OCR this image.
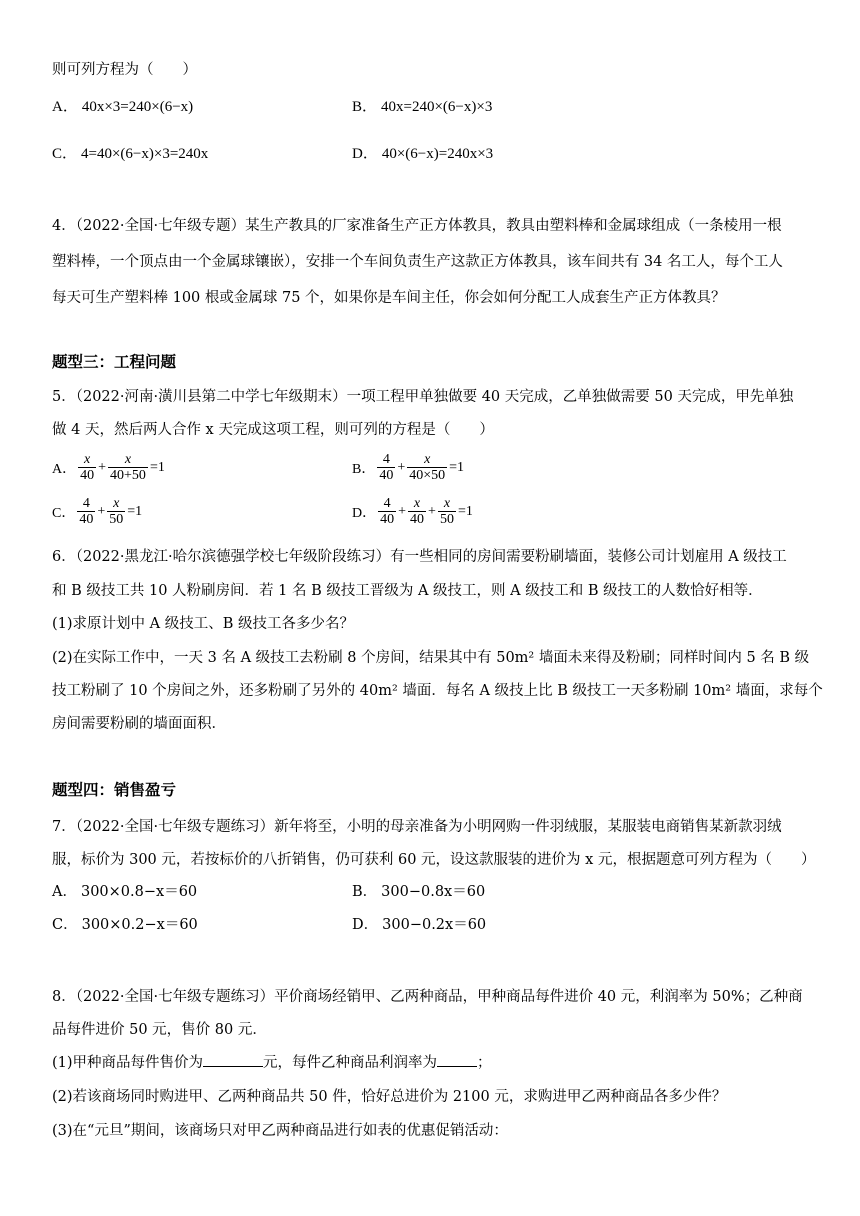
则可列方程为（　　）
A． 40x×3=240×(6−x)	B． 40x=240×(6−x)×3
C． 4=40×(6−x)×3=240x	D． 40×(6−x)=240x×3
4．（2022·全国·七年级专题）某生产教具的厂家准备生产正方体教具，教具由塑料棒和金属球组成（一条棱用一根
塑料棒，一个顶点由一个金属球镶嵌），安排一个车间负责生产这款正方体教具，该车间共有 34 名工人，每个工人
每天可生产塑料棒 100 根或金属球 75 个，如果你是车间主任，你会如何分配工人成套生产正方体教具？
题型三：工程问题
5．（2022·河南·潢川县第二中学七年级期末）一项工程甲单独做要 40 天完成，乙单独做需要 50 天完成，甲先单独
做 4 天，然后两人合作 x 天完成这项工程，则可列的方程是（　　）
A． $\frac{x}{40} + \frac{x}{40+50} =1$	B． $\frac{4}{40} + \frac{x}{40\times 50} =1$
C． $\frac{4}{40} + \frac{x}{50} =1$	D． $\frac{4}{40} + \frac{x}{40} + \frac{x}{50} =1$
6．（2022·黑龙江·哈尔滨德强学校七年级阶段练习）有一些相同的房间需要粉刷墙面，装修公司计划雇用 A 级技工
和 B 级技工共 10 人粉刷房间．若 1 名 B 级技工晋级为 A 级技工，则 A 级技工和 B 级技工的人数恰好相等．
(1)求原计划中 A 级技工、B 级技工各多少名？
(2)在实际工作中，一天 3 名 A 级技工去粉刷 8 个房间，结果其中有 50m² 墙面未来得及粉刷；同样时间内 5 名 B 级
技工粉刷了 10 个房间之外，还多粉刷了另外的 40m² 墙面．每名 A 级技上比 B 级技工一天多粉刷 10m² 墙面，求每个
房间需要粉刷的墙面面积．
题型四：销售盈亏
7．（2022·全国·七年级专题练习）新年将至，小明的母亲准备为小明网购一件羽绒服，某服装电商销售某新款羽绒
服，标价为 300 元，若按标价的八折销售，仍可获利 60 元，设这款服装的进价为 x 元，根据题意可列方程为（　　）
A． 300×0.8−x＝60	B． 300−0.8x＝60
C． 300×0.2−x＝60	D． 300−0.2x＝60
8．（2022·全国·七年级专题练习）平价商场经销甲、乙两种商品，甲种商品每件进价 40 元，利润率为 50%；乙种商
品每件进价 50 元，售价 80 元．
(1)甲种商品每件售价为	元，每件乙种商品利润率为	；
(2)若该商场同时购进甲、乙两种商品共 50 件，恰好总进价为 2100 元，求购进甲乙两种商品各多少件？
(3)在“元旦”期间，该商场只对甲乙两种商品进行如表的优惠促销活动：
